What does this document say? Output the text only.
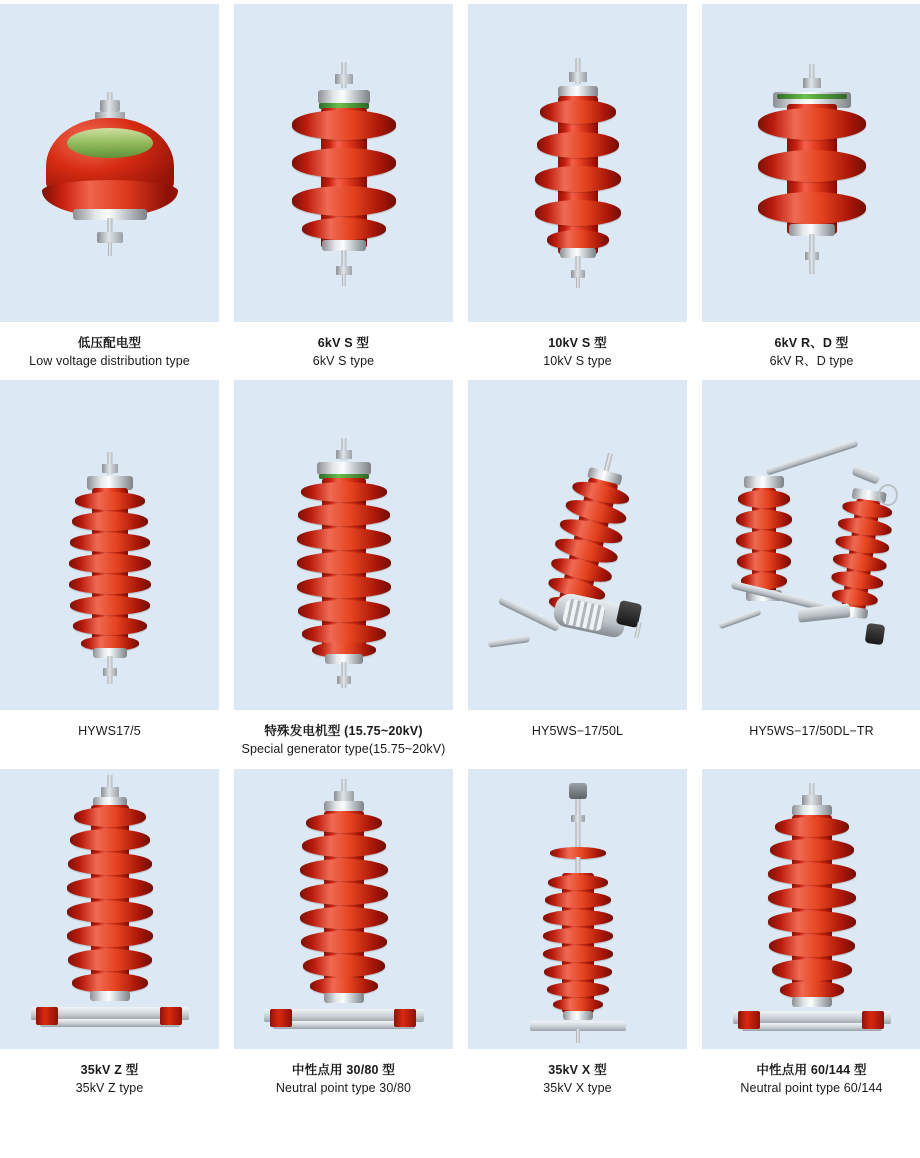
低压配电型
Low voltage distribution type
6kV S 型
6kV S type
10kV S 型
10kV S type
6kV R、D 型
6kV R、D type
HYWS17/5	特殊发电机型 (15.75~20kV)
Special generator type(15.75~20kV)
HY5WS−17/50L	HY5WS−17/50DL−TR
35kV Z 型
35kV Z type
中性点用 30/80 型
Neutral point type 30/80
35kV X 型
35kV X type
中性点用 60/144 型
Neutral point type 60/144
